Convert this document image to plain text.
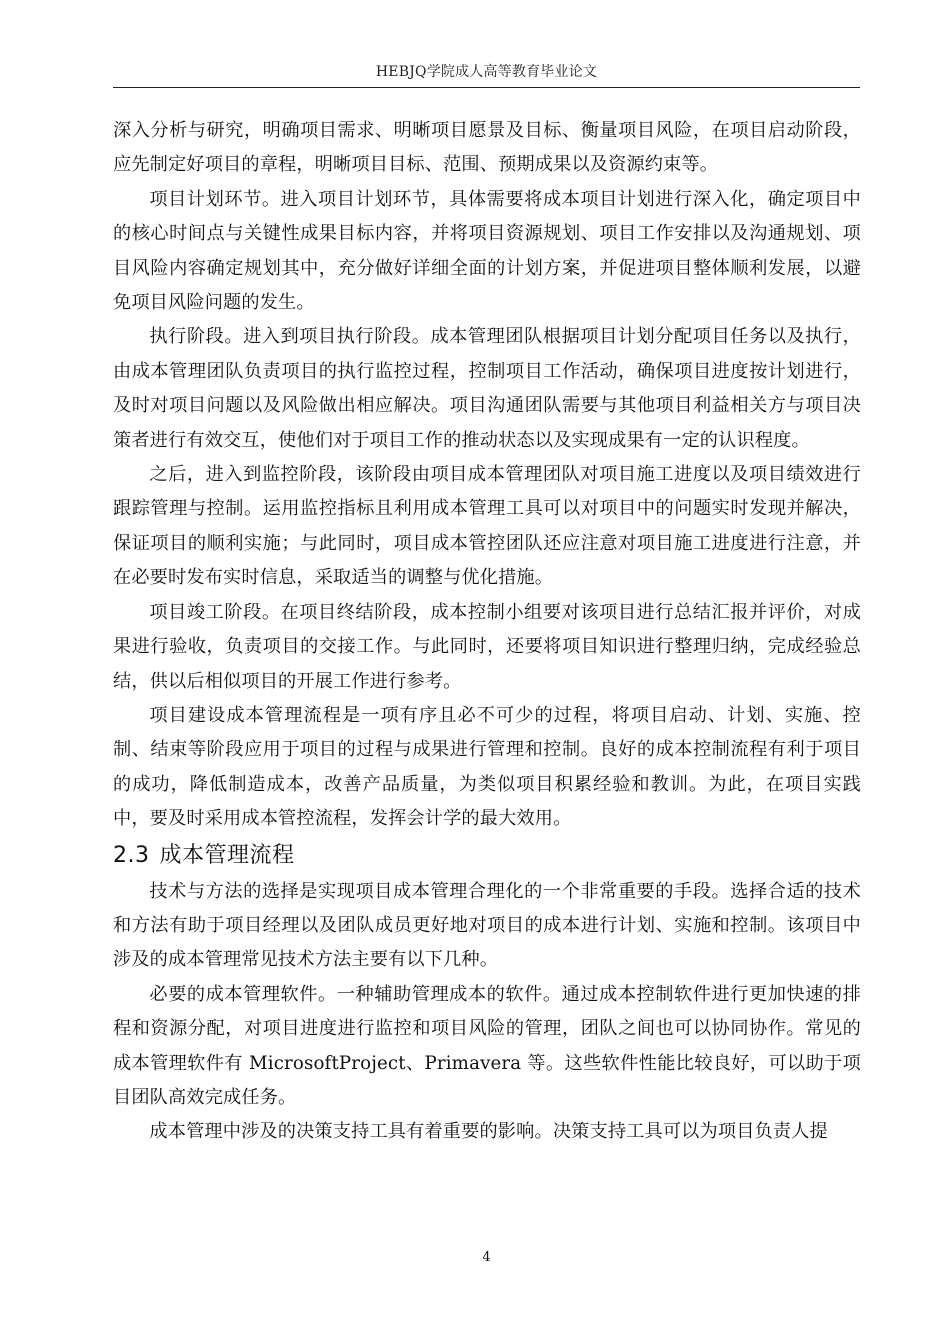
HEBJQ学院成人高等教育毕业论文

深入分析与研究，明确项目需求、明晰项目愿景及目标、衡量项目风险，在项目启动阶段，应先制定好项目的章程，明晰项目目标、范围、预期成果以及资源约束等。

项目计划环节。进入项目计划环节，具体需要将成本项目计划进行深入化，确定项目中的核心时间点与关键性成果目标内容，并将项目资源规划、项目工作安排以及沟通规划、项目风险内容确定规划其中，充分做好详细全面的计划方案，并促进项目整体顺利发展，以避免项目风险问题的发生。

执行阶段。进入到项目执行阶段。成本管理团队根据项目计划分配项目任务以及执行，由成本管理团队负责项目的执行监控过程，控制项目工作活动，确保项目进度按计划进行，及时对项目问题以及风险做出相应解决。项目沟通团队需要与其他项目利益相关方与项目决策者进行有效交互，使他们对于项目工作的推动状态以及实现成果有一定的认识程度。

之后，进入到监控阶段，该阶段由项目成本管理团队对项目施工进度以及项目绩效进行跟踪管理与控制。运用监控指标且利用成本管理工具可以对项目中的问题实时发现并解决，保证项目的顺利实施；与此同时，项目成本管控团队还应注意对项目施工进度进行注意，并在必要时发布实时信息，采取适当的调整与优化措施。

项目竣工阶段。在项目终结阶段，成本控制小组要对该项目进行总结汇报并评价，对成果进行验收，负责项目的交接工作。与此同时，还要将项目知识进行整理归纳，完成经验总结，供以后相似项目的开展工作进行参考。

项目建设成本管理流程是一项有序且必不可少的过程，将项目启动、计划、实施、控制、结束等阶段应用于项目的过程与成果进行管理和控制。良好的成本控制流程有利于项目的成功，降低制造成本，改善产品质量，为类似项目积累经验和教训。为此，在项目实践中，要及时采用成本管控流程，发挥会计学的最大效用。

2.3 成本管理流程

技术与方法的选择是实现项目成本管理合理化的一个非常重要的手段。选择合适的技术和方法有助于项目经理以及团队成员更好地对项目的成本进行计划、实施和控制。该项目中涉及的成本管理常见技术方法主要有以下几种。

必要的成本管理软件。一种辅助管理成本的软件。通过成本控制软件进行更加快速的排程和资源分配，对项目进度进行监控和项目风险的管理，团队之间也可以协同协作。常见的成本管理软件有 MicrosoftProject、Primavera 等。这些软件性能比较良好，可以助于项目团队高效完成任务。

成本管理中涉及的决策支持工具有着重要的影响。决策支持工具可以为项目负责人提

4
